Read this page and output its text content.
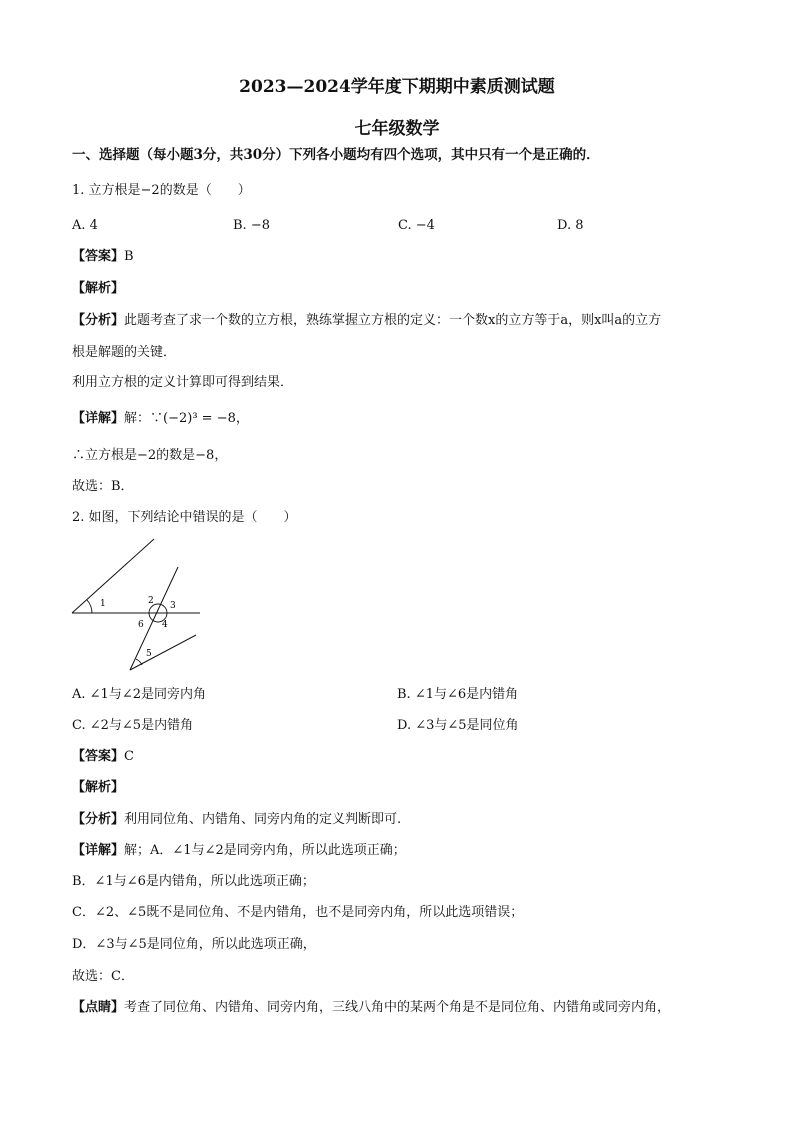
2023—2024学年度下期期中素质测试题
七年级数学
一、选择题（每小题3分，共30分）下列各小题均有四个选项，其中只有一个是正确的．
1. 立方根是−2的数是（　　）
A. 4	B. −8	C. −4	D. 8
【答案】B
【解析】
【分析】此题考查了求一个数的立方根，熟练掌握立方根的定义：一个数x的立方等于a，则x叫a的立方
根是解题的关键．
利用立方根的定义计算即可得到结果．
【详解】解：∵(−2)³ = −8，
∴立方根是−2的数是−8，
故选：B．
2. 如图，下列结论中错误的是（　　）
1	2 3
4
5
6
A. ∠1与∠2是同旁内角	B. ∠1与∠6是内错角
C. ∠2与∠5是内错角	D. ∠3与∠5是同位角
【答案】C
【解析】
【分析】利用同位角、内错角、同旁内角的定义判断即可.
【详解】解；A．∠1与∠2是同旁内角，所以此选项正确；
B．∠1与∠6是内错角，所以此选项正确；
C．∠2、∠5既不是同位角、不是内错角，也不是同旁内角，所以此选项错误；
D．∠3与∠5是同位角，所以此选项正确，
故选：C．
【点睛】考查了同位角、内错角、同旁内角，三线八角中的某两个角是不是同位角、内错角或同旁内角，
